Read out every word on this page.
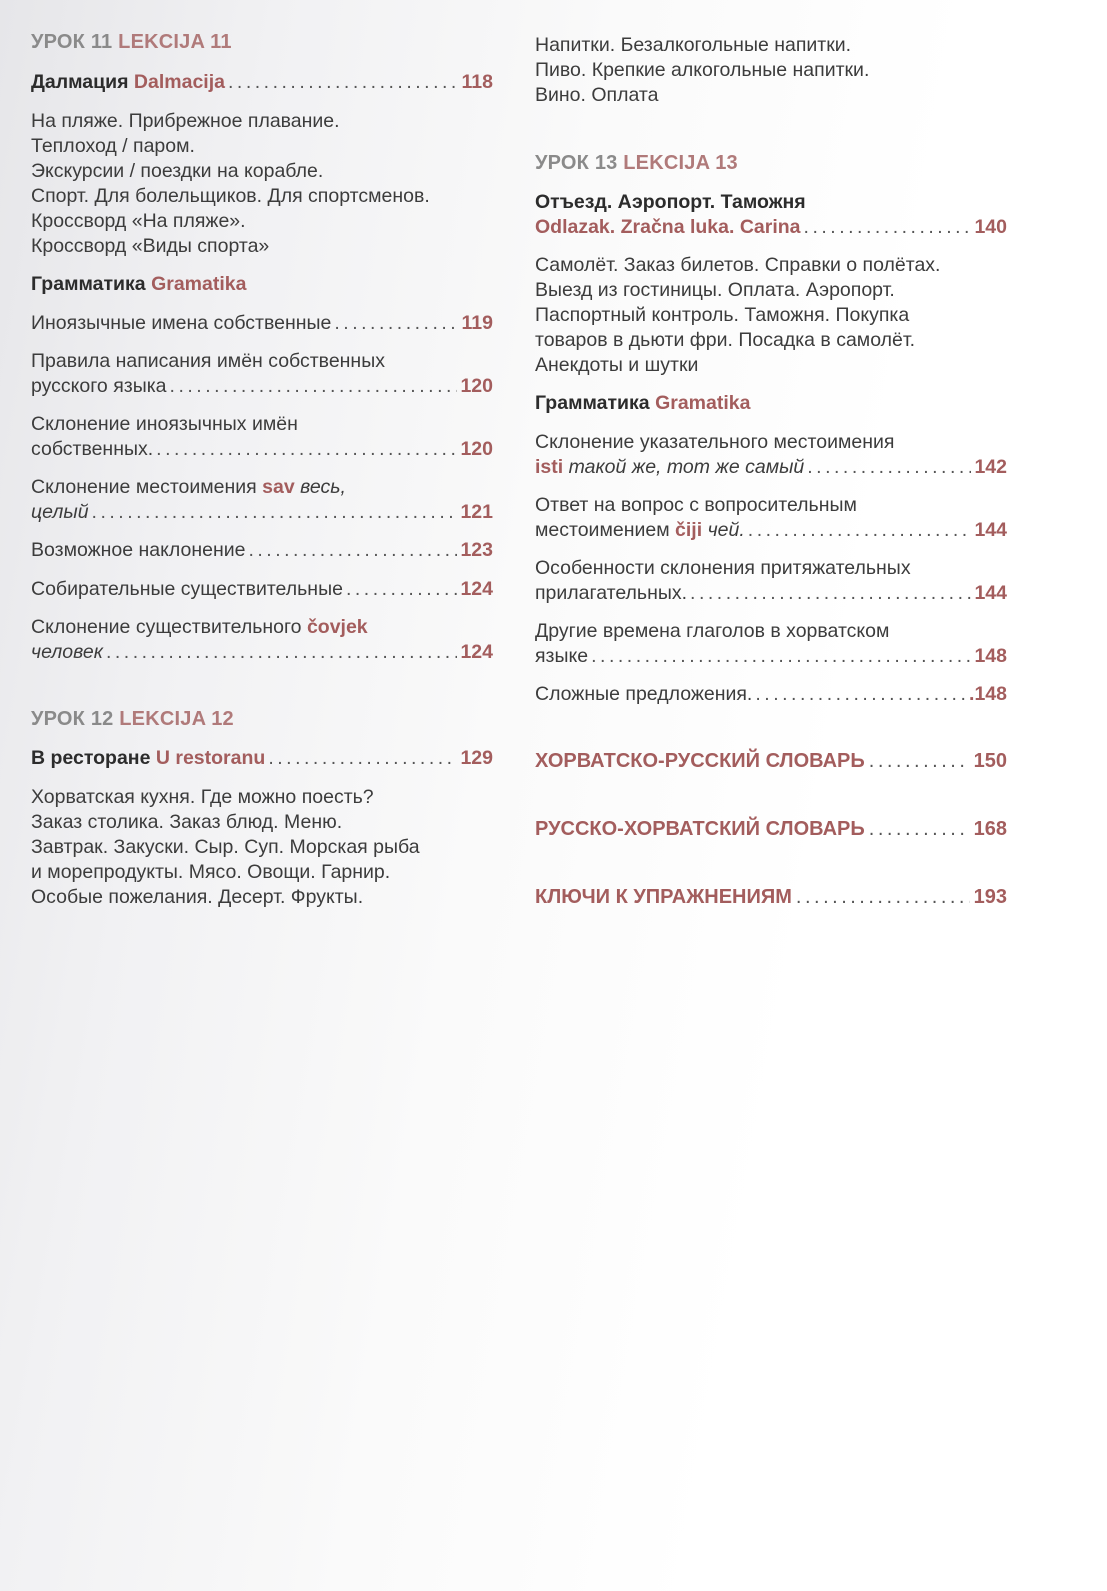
УРОК 11 LEKCIJA 11
Далмация Dalmacija .....	118
На пляже. Прибрежное плавание.
Теплоход / паром.
Экскурсии / поездки на корабле.
Спорт. Для болельщиков. Для спортсменов.
Кроссворд «На пляже».
Кроссворд «Виды спорта»
Грамматика Gramatika
Иноязычные имена собственные .....	119
Правила написания имён собственных
русского языка .....	120
Склонение иноязычных имён
собственных. .....	120
Склонение местоимения sav весь,
целый .....	121
Возможное наклонение .....	123
Собирательные существительные .....	124
Склонение существительного čovjek
человек .....	124
УРОК 12 LEKCIJA 12
В ресторане U restoranu .....	129
Хорватская кухня. Где можно поесть?
Заказ столика. Заказ блюд. Меню.
Завтрак. Закуски. Сыр. Суп. Морская рыба
и морепродукты. Мясо. Овощи. Гарнир.
Особые пожелания. Десерт. Фрукты.
Напитки. Безалкогольные напитки.
Пиво. Крепкие алкогольные напитки.
Вино. Оплата
УРОК 13 LEKCIJA 13
Отъезд. Аэропорт. Таможня
Odlazak. Zračna luka. Carina .....	140
Самолёт. Заказ билетов. Справки о полётах.
Выезд из гостиницы. Оплата. Аэропорт.
Паспортный контроль. Таможня. Покупка
товаров в дьюти фри. Посадка в самолёт.
Анекдоты и шутки
Грамматика Gramatika
Склонение указательного местоимения
isti такой же, тот же самый .....	142
Ответ на вопрос с вопросительным
местоимением čiji чей. .....	144
Особенности склонения притяжательных
прилагательных. .....	144
Другие времена глаголов в хорватском
языке .....	148
Сложные предложения. .....	.148
ХОРВАТСКО-РУССКИЙ СЛОВАРЬ .....	150
РУССКО-ХОРВАТСКИЙ СЛОВАРЬ .....	168
КЛЮЧИ К УПРАЖНЕНИЯМ .....	193
